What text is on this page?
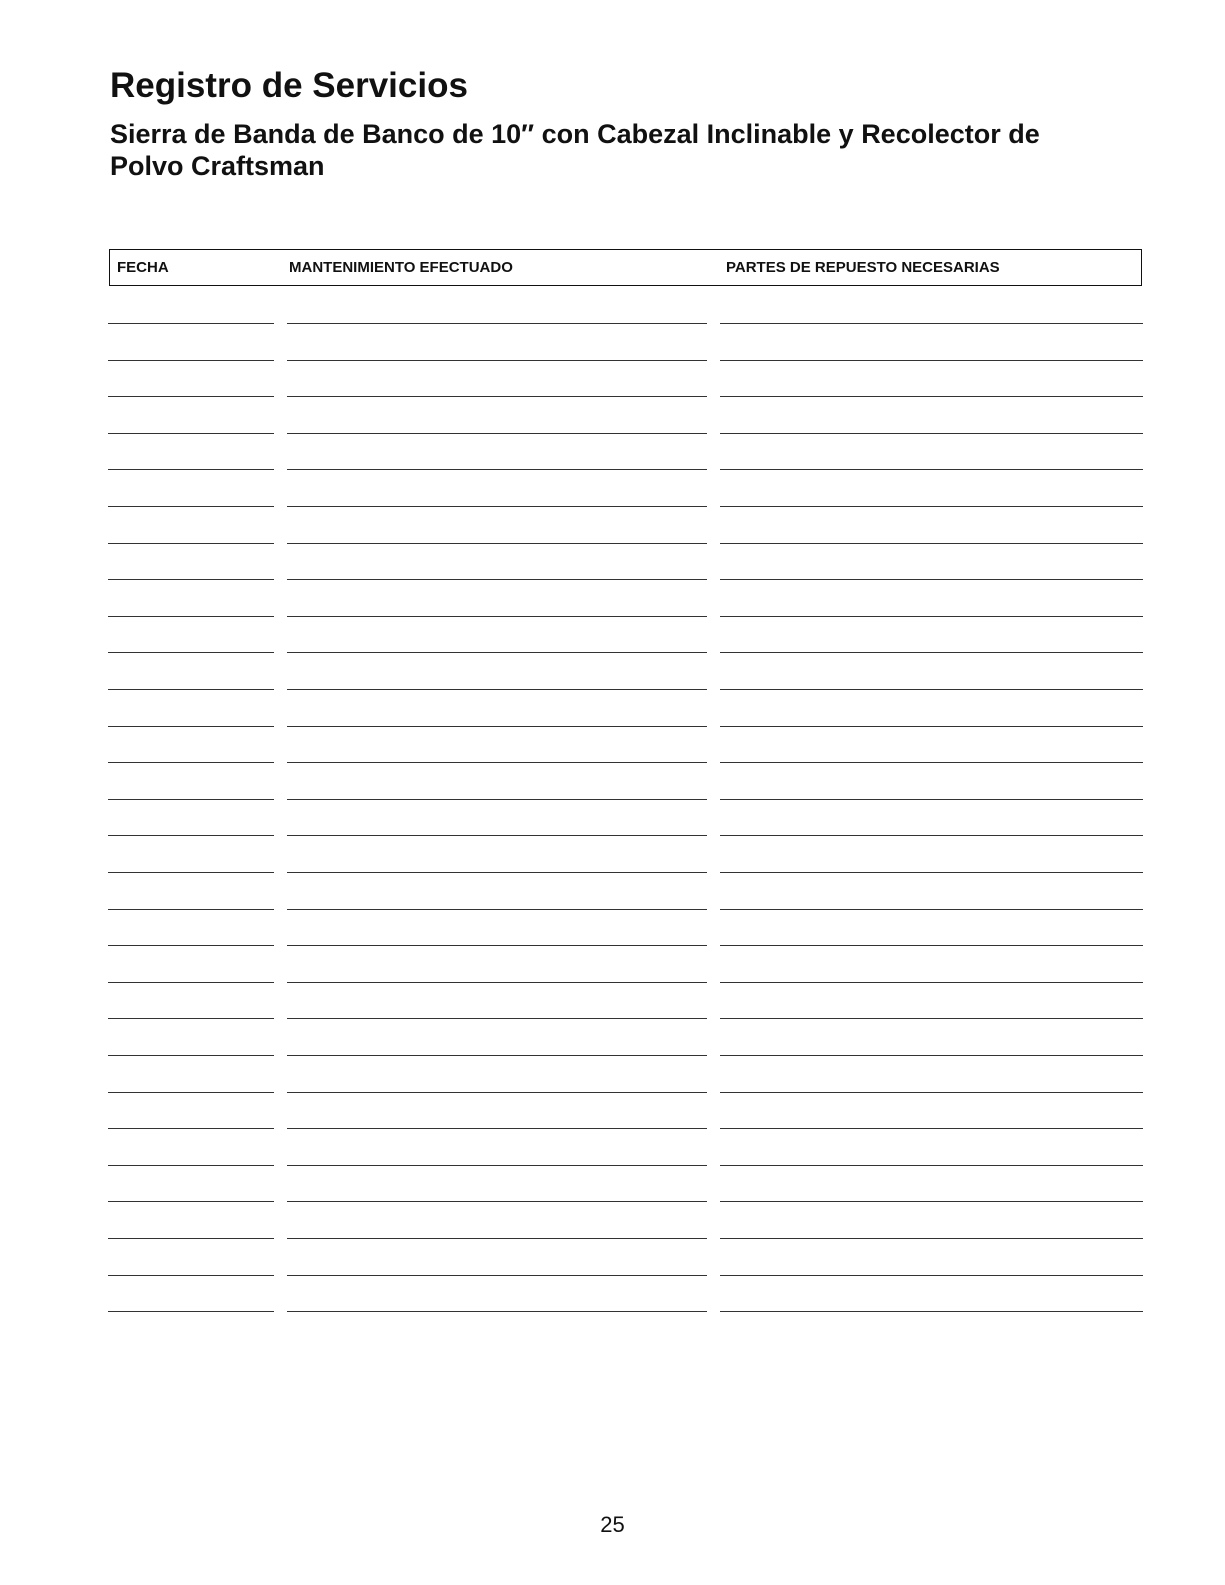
Registro de Servicios
Sierra de Banda de Banco de 10″ con Cabezal Inclinable y Recolector de Polvo Craftsman
FECHA	MANTENIMIENTO EFECTUADO	PARTES DE REPUESTO NECESARIAS
25
